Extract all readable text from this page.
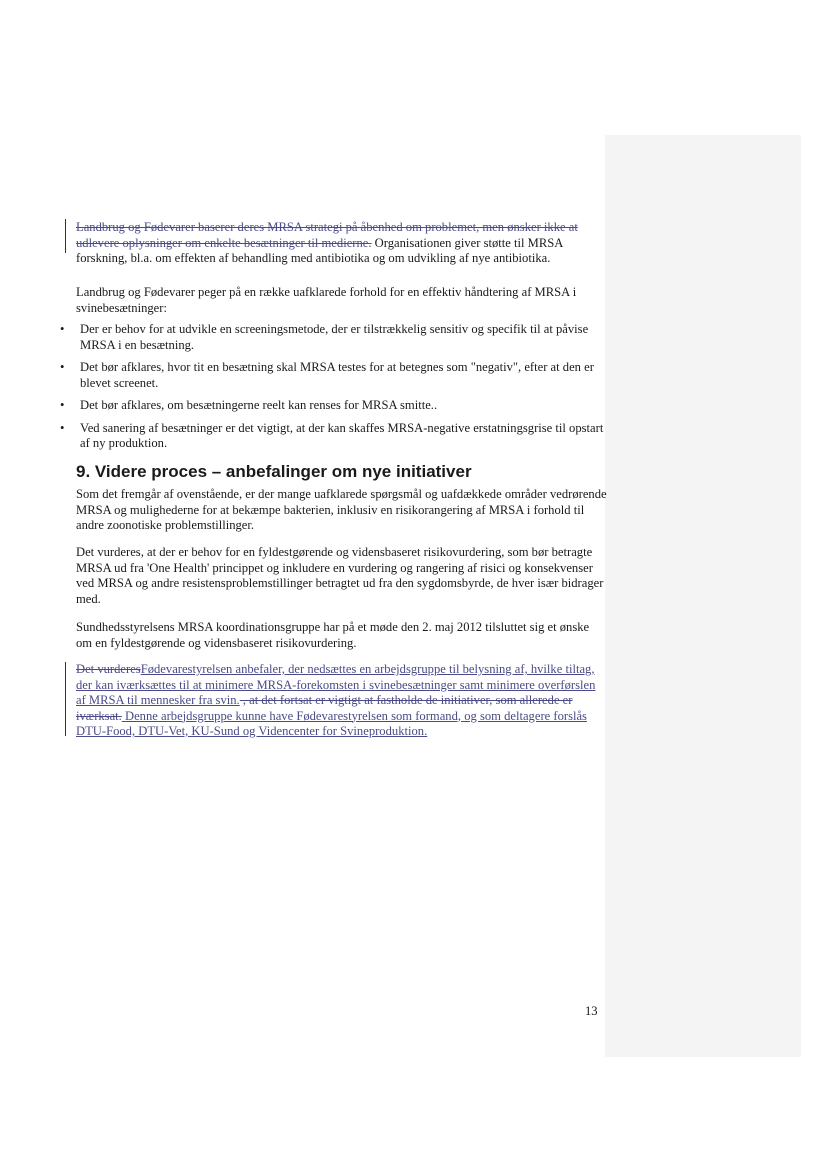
Landbrug og Fødevarer baserer deres MRSA strategi på åbenhed om problemet, men ønsker ikke at udlevere oplysninger om enkelte besætninger til medierne. Organisationen giver støtte til MRSA forskning, bl.a. om effekten af behandling med antibiotika og om udvikling af nye antibiotika.

Landbrug og Fødevarer peger på en række uafklarede forhold for en effektiv håndtering af MRSA i svinebesætninger:

• Der er behov for at udvikle en screeningsmetode, der er tilstrækkelig sensitiv og specifik til at påvise MRSA i en besætning.
• Det bør afklares, hvor tit en besætning skal MRSA testes for at betegnes som "negativ", efter at den er blevet screenet.
• Det bør afklares, om besætningerne reelt kan renses for MRSA smitte..
• Ved sanering af besætninger er det vigtigt, at der kan skaffes MRSA-negative erstatningsgrise til opstart af ny produktion.
9. Videre proces – anbefalinger om nye initiativer

Som det fremgår af ovenstående, er der mange uafklarede spørgsmål og uafdækkede områder vedrørende MRSA og mulighederne for at bekæmpe bakterien, inklusiv en risikorangering af MRSA i forhold til andre zoonotiske problemstillinger.

Det vurderes, at der er behov for en fyldestgørende og vidensbaseret risikovurdering, som bør betragte MRSA ud fra 'One Health' princippet og inkludere en vurdering og rangering af risici og konsekvenser ved MRSA og andre resistensproblemstillinger betragtet ud fra den sygdomsbyrde, de hver især bidrager med.

Sundhedsstyrelsens MRSA koordinationsgruppe har på et møde den 2. maj 2012 tilsluttet sig et ønske om en fyldestgørende og vidensbaseret risikovurdering.

Det vurderesFødevarestyrelsen anbefaler, der nedsættes en arbejdsgruppe til belysning af, hvilke tiltag, der kan iværksættes til at minimere MRSA-forekomsten i svinebesætninger samt minimere overførslen af MRSA til mennesker fra svin. , at det fortsat er vigtigt at fastholde de initiativer, som allerede er iværksat. Denne arbejdsgruppe kunne have Fødevarestyrelsen som formand, og som deltagere forslås DTU-Food, DTU-Vet, KU-Sund og Videncenter for Svineproduktion.

13
